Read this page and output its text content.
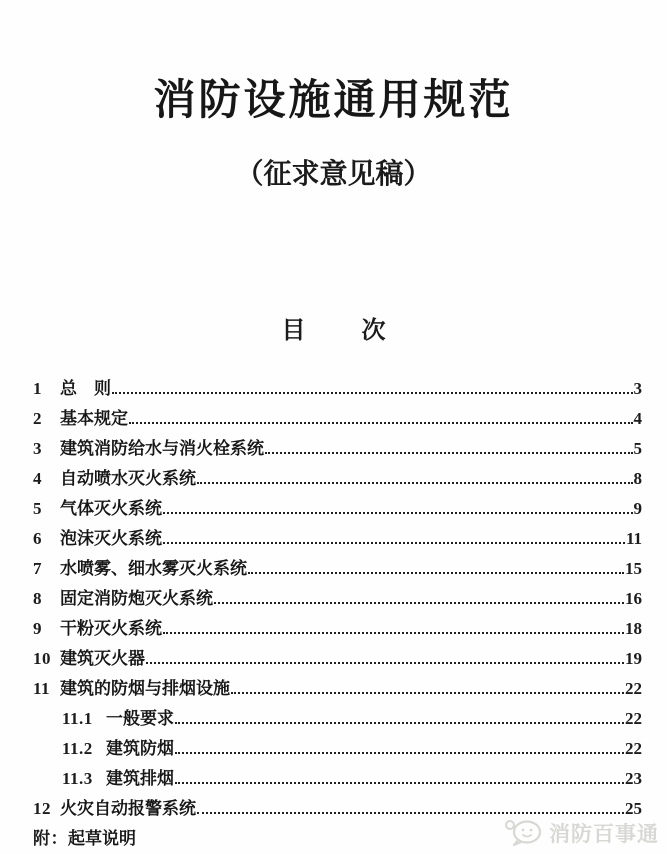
消防设施通用规范
（征求意见稿）
目 次
1	总　则	3
2	基本规定	4
3	建筑消防给水与消火栓系统	5
4	自动喷水灭火系统	8
5	气体灭火系统	9
6	泡沫灭火系统	11
7	水喷雾、细水雾灭火系统	15
8	固定消防炮灭火系统	16
9	干粉灭火系统	18
10 建筑灭火器	19
11 建筑的防烟与排烟设施	22
11.1 一般要求	22
11.2 建筑防烟	22
11.3 建筑排烟	23
12 火灾自动报警系统	25
附： 起草说明	消防百事通
